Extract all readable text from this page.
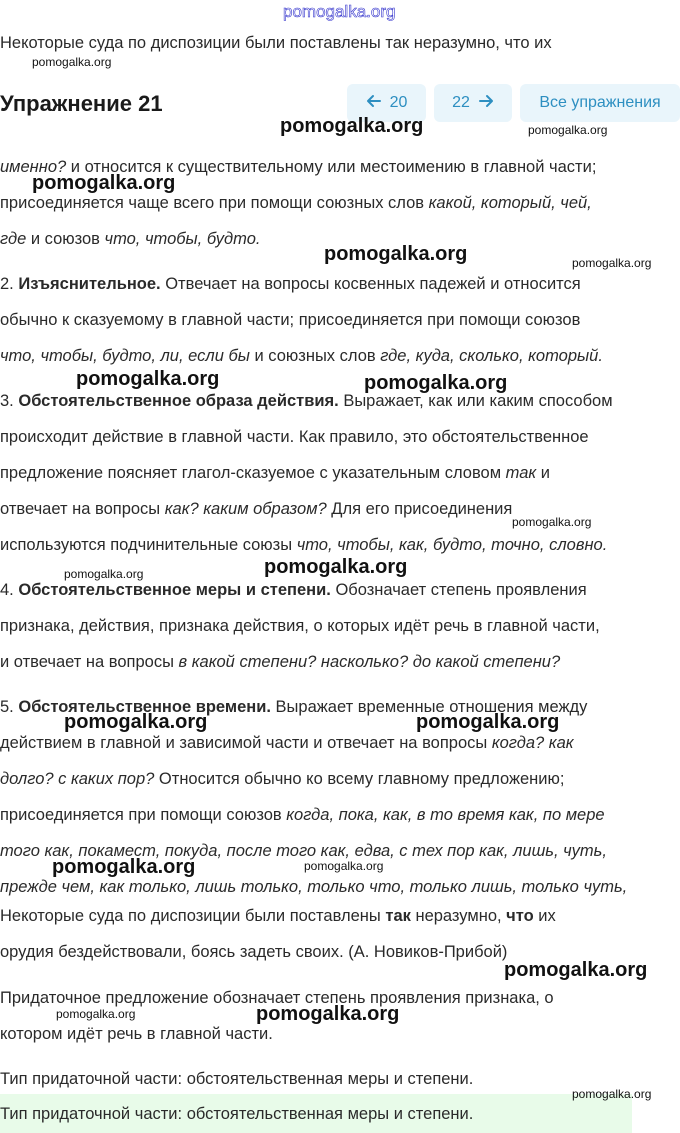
pomogalka.org
Некоторые суда по диспозиции были поставлены так неразумно, что их
Упражнение 21	20	22	Все упражнения
именно? и относится к существительному или местоимению в главной части;
присоединяется чаще всего при помощи союзных слов какой, который, чей,
где и союзов что, чтобы, будто.
2. Изъяснительное. Отвечает на вопросы косвенных падежей и относится
обычно к сказуемому в главной части; присоединяется при помощи союзов
что, чтобы, будто, ли, если бы и союзных слов где, куда, сколько, который.
3. Обстоятельственное образа действия. Выражает, как или каким способом
происходит действие в главной части. Как правило, это обстоятельственное
предложение поясняет глагол-сказуемое с указательным словом так и
отвечает на вопросы как? каким образом? Для его присоединения
используются подчинительные союзы что, чтобы, как, будто, точно, словно.
4. Обстоятельственное меры и степени. Обозначает степень проявления
признака, действия, признака действия, о которых идёт речь в главной части,
и отвечает на вопросы в какой степени? насколько? до какой степени?
5. Обстоятельственное времени. Выражает временные отношения между
действием в главной и зависимой части и отвечает на вопросы когда? как
долго? с каких пор? Относится обычно ко всему главному предложению;
присоединяется при помощи союзов когда, пока, как, в то время как, по мере
того как, покамест, покуда, после того как, едва, с тех пор как, лишь, чуть,
прежде чем, как только, лишь только, только что, только лишь, только чуть,
Некоторые суда по диспозиции были поставлены так неразумно, что их
орудия бездействовали, боясь задеть своих. (А. Новиков-Прибой)
Придаточное предложение обозначает степень проявления признака, о
котором идёт речь в главной части.
Тип придаточной части: обстоятельственная меры и степени.
Тип придаточной части: обстоятельственная меры и степени.
pomogalka.org
pomogalka.org	pomogalka.org
pomogalka.org
pomogalka.org	pomogalka.org
pomogalka.org	pomogalka.org
pomogalka.org
pomogalka.org
pomogalka.org
pomogalka.org	pomogalka.org
pomogalka.org	pomogalka.org
pomogalka.org
pomogalka.org	pomogalka.org
pomogalka.org
